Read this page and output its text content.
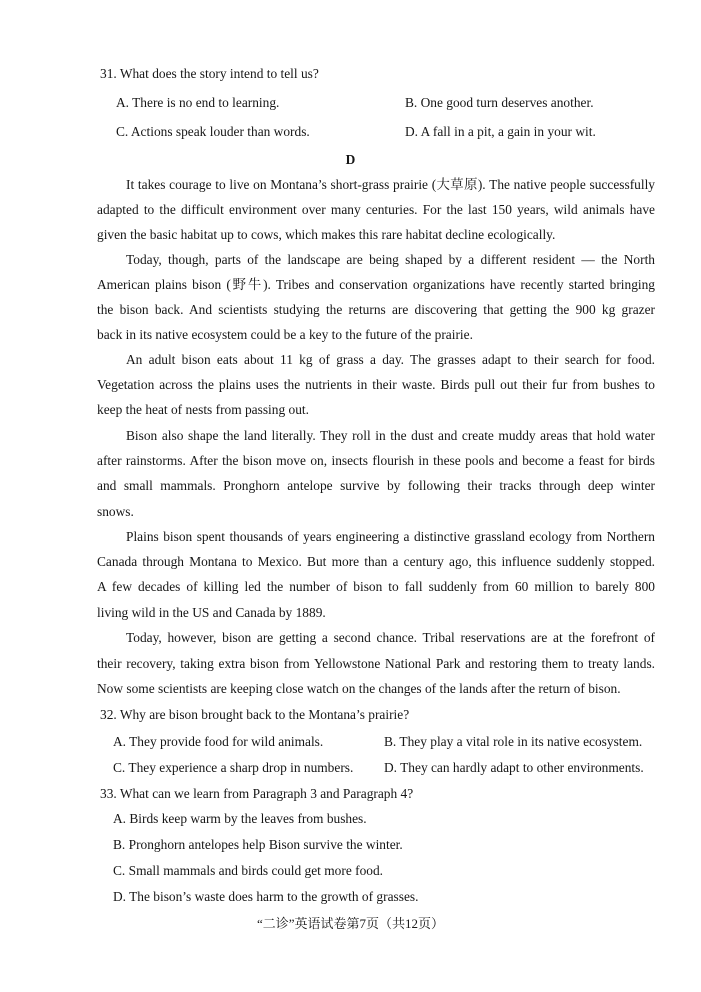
31. What does the story intend to tell us?
A. There is no end to learning.	B. One good turn deserves another.
C. Actions speak louder than words.	D. A fall in a pit, a gain in your wit.
D
It takes courage to live on Montana’s short-grass prairie (大草原). The native people successfully
adapted to the difficult environment over many centuries. For the last 150 years, wild animals have
given the basic habitat up to cows, which makes this rare habitat decline ecologically.
Today, though, parts of the landscape are being shaped by a different resident — the North
American plains bison (野牛). Tribes and conservation organizations have recently started bringing
the bison back. And scientists studying the returns are discovering that getting the 900 kg grazer
back in its native ecosystem could be a key to the future of the prairie.
An adult bison eats about 11 kg of grass a day. The grasses adapt to their search for food.
Vegetation across the plains uses the nutrients in their waste. Birds pull out their fur from bushes to
keep the heat of nests from passing out.
Bison also shape the land literally. They roll in the dust and create muddy areas that hold water
after rainstorms. After the bison move on, insects flourish in these pools and become a feast for birds
and small mammals. Pronghorn antelope survive by following their tracks through deep winter
snows.
Plains bison spent thousands of years engineering a distinctive grassland ecology from Northern
Canada through Montana to Mexico. But more than a century ago, this influence suddenly stopped.
A few decades of killing led the number of bison to fall suddenly from 60 million to barely 800
living wild in the US and Canada by 1889.
Today, however, bison are getting a second chance. Tribal reservations are at the forefront of
their recovery, taking extra bison from Yellowstone National Park and restoring them to treaty lands.
Now some scientists are keeping close watch on the changes of the lands after the return of bison.
32. Why are bison brought back to the Montana’s prairie?
A. They provide food for wild animals.	B. They play a vital role in its native ecosystem.
C. They experience a sharp drop in numbers. D. They can hardly adapt to other environments.
33. What can we learn from Paragraph 3 and Paragraph 4?
A. Birds keep warm by the leaves from bushes.
B. Pronghorn antelopes help Bison survive the winter.
C. Small mammals and birds could get more food.
D. The bison’s waste does harm to the growth of grasses.
“二诊”英语试卷第7页（共12页）
